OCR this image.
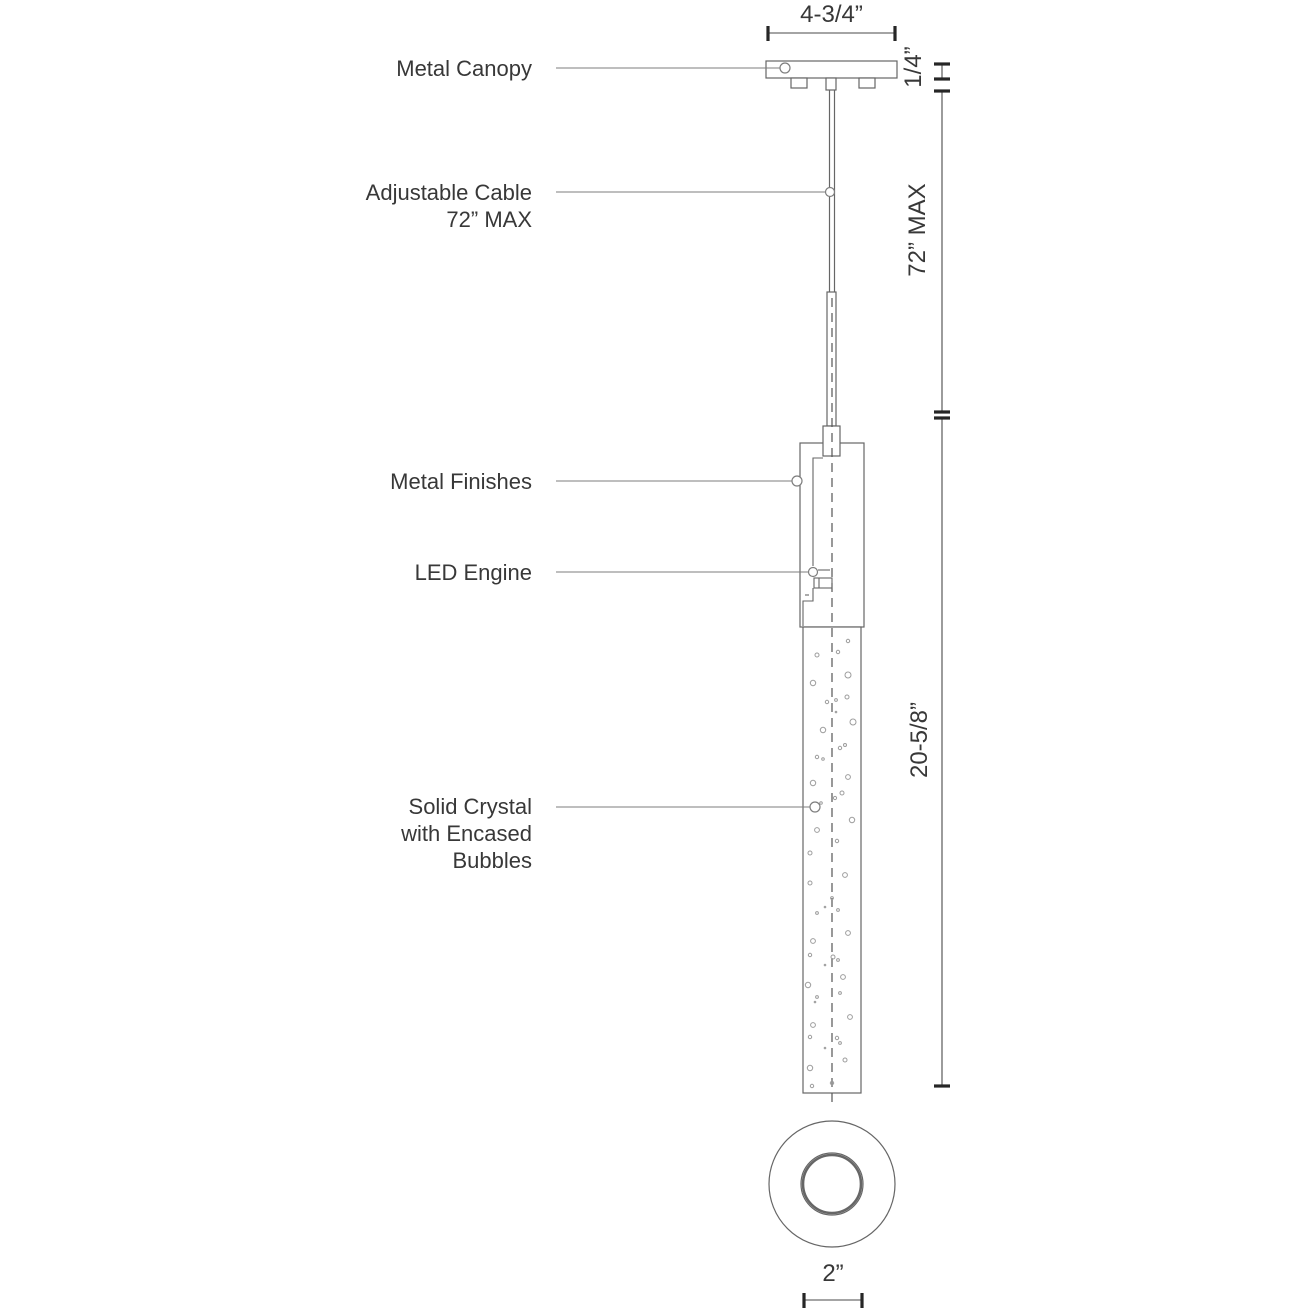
Metal Canopy
Adjustable Cable
72” MAX
Metal Finishes
LED Engine
Solid Crystal
with Encased
Bubbles
4-3/4”
1/4”
72” MAX
20-5/8”
2”
